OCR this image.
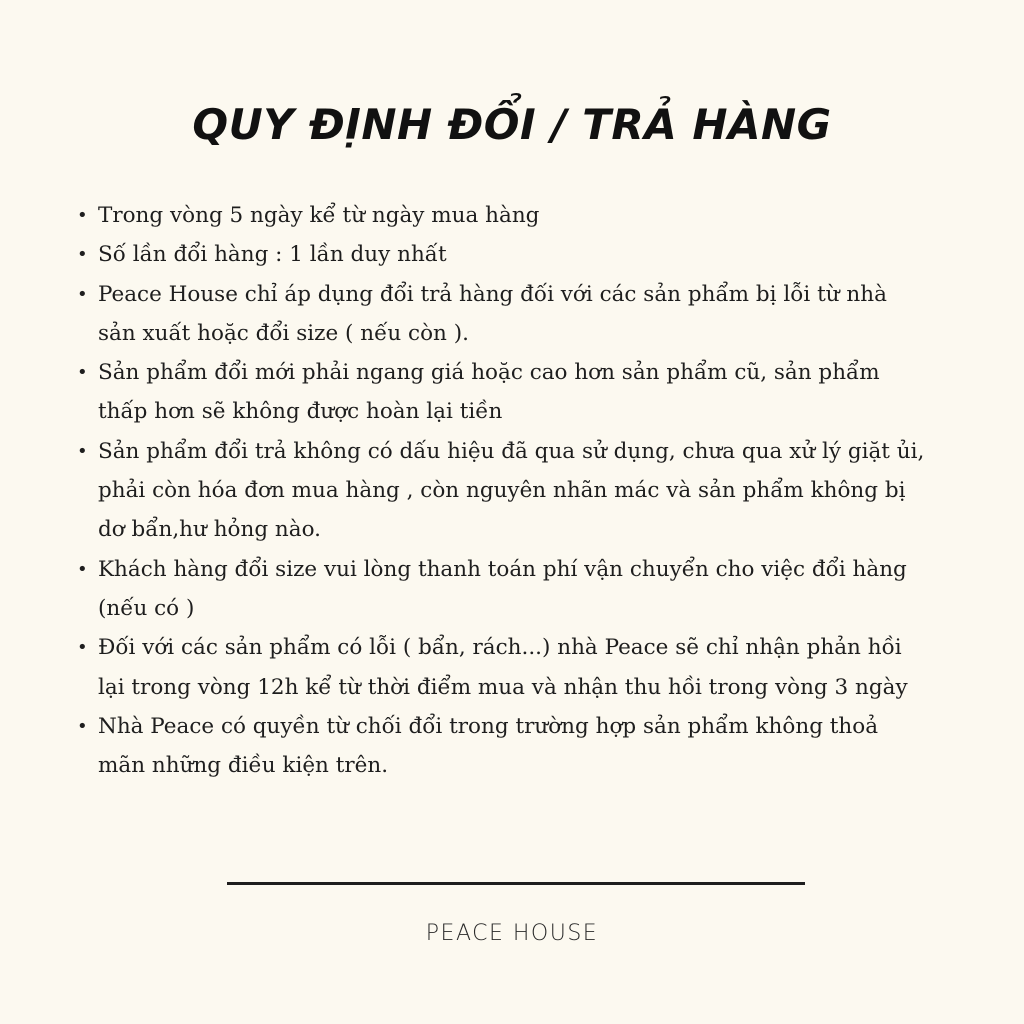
QUY ĐỊNH ĐỔI / TRẢ HÀNG
• Trong vòng 5 ngày kể từ ngày mua hàng
• Số lần đổi hàng : 1 lần duy nhất
• Peace House chỉ áp dụng đổi trả hàng đối với các sản phẩm bị lỗi từ nhà sản xuất hoặc đổi size ( nếu còn ).
• Sản phẩm đổi mới phải ngang giá hoặc cao hơn sản phẩm cũ, sản phẩm thấp hơn sẽ không được hoàn lại tiền
• Sản phẩm đổi trả không có dấu hiệu đã qua sử dụng, chưa qua xử lý giặt ủi, phải còn hóa đơn mua hàng , còn nguyên nhãn mác và sản phẩm không bị dơ bẩn,hư hỏng nào.
• Khách hàng đổi size vui lòng thanh toán phí vận chuyển cho việc đổi hàng (nếu có )
• Đối với các sản phẩm có lỗi ( bẩn, rách...) nhà Peace sẽ chỉ nhận phản hồi lại trong vòng 12h kể từ thời điểm mua và nhận thu hồi trong vòng 3 ngày
• Nhà Peace có quyền từ chối đổi trong trường hợp sản phẩm không thoả mãn những điều kiện trên.
PEACE HOUSE
